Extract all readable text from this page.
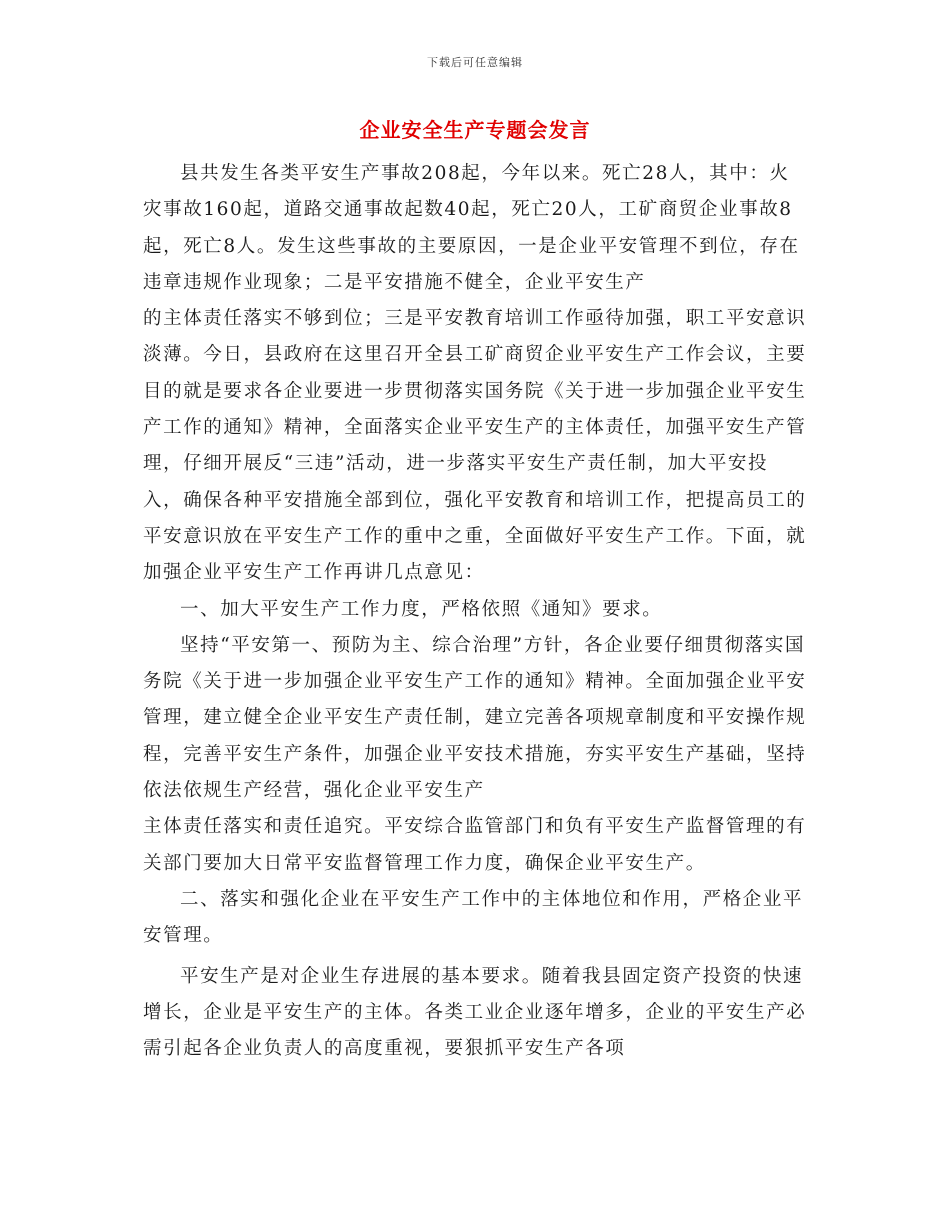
下载后可任意编辑
企业安全生产专题会发言

县共发生各类平安生产事故208起，今年以来。死亡28人，其中：火灾事故160起，道路交通事故起数40起，死亡20人，工矿商贸企业事故8起，死亡8人。发生这些事故的主要原因，一是企业平安管理不到位，存在违章违规作业现象；二是平安措施不健全，企业平安生产
的主体责任落实不够到位；三是平安教育培训工作亟待加强，职工平安意识淡薄。今日，县政府在这里召开全县工矿商贸企业平安生产工作会议，主要目的就是要求各企业要进一步贯彻落实国务院《关于进一步加强企业平安生产工作的通知》精神，全面落实企业平安生产的主体责任，加强平安生产管理，仔细开展反“三违”活动，进一步落实平安生产责任制，加大平安投入，确保各种平安措施全部到位，强化平安教育和培训工作，把提高员工的平安意识放在平安生产工作的重中之重，全面做好平安生产工作。下面，就加强企业平安生产工作再讲几点意见：

一、加大平安生产工作力度，严格依照《通知》要求。

坚持“平安第一、预防为主、综合治理”方针，各企业要仔细贯彻落实国务院《关于进一步加强企业平安生产工作的通知》精神。全面加强企业平安管理，建立健全企业平安生产责任制，建立完善各项规章制度和平安操作规程，完善平安生产条件，加强企业平安技术措施，夯实平安生产基础，坚持依法依规生产经营，强化企业平安生产
主体责任落实和责任追究。平安综合监管部门和负有平安生产监督管理的有关部门要加大日常平安监督管理工作力度，确保企业平安生产。

二、落实和强化企业在平安生产工作中的主体地位和作用，严格企业平安管理。

平安生产是对企业生存进展的基本要求。随着我县固定资产投资的快速增长，企业是平安生产的主体。各类工业企业逐年增多，企业的平安生产必需引起各企业负责人的高度重视，要狠抓平安生产各项
